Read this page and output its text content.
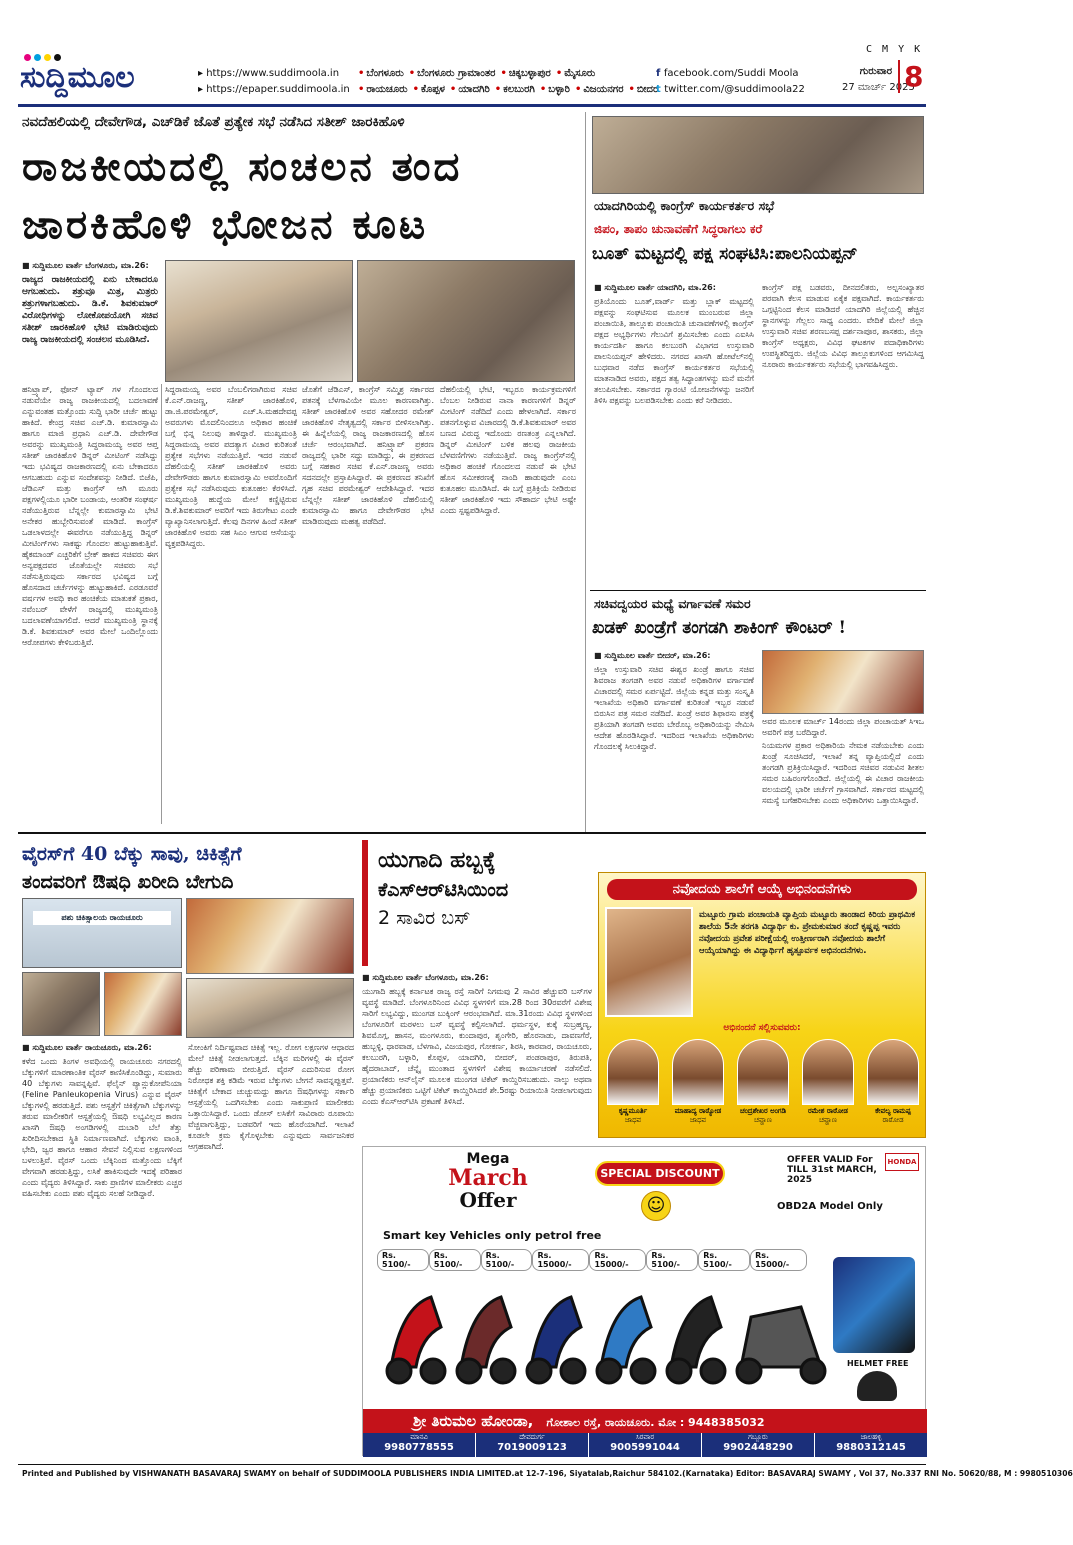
C M Y K
ಸುದ್ದಿಮೂಲ	▸ https://www.suddimoola.in
▸ https://epaper.suddimoola.in
• ಬೆಂಗಳೂರು • ಬೆಂಗಳೂರು ಗ್ರಾಮಾಂತರ • ಚಿಕ್ಕಬಳ್ಳಾಪುರ • ಮೈಸೂರು
• ರಾಯಚೂರು • ಕೊಪ್ಪಳ • ಯಾದಗಿರಿ • ಕಲಬುರಗಿ • ಬಳ್ಳಾರಿ • ವಿಜಯನಗರ • ಬೀದರ
f facebook.com/Suddi Moola
t twitter.com/@suddimoola22
ಗುರುವಾರ
27 ಮಾರ್ಚ್ 2025
8
ನವದೆಹಲಿಯಲ್ಲಿ ದೇವೇಗೌಡ, ಎಚ್‌ಡಿಕೆ ಜೊತೆ ಪ್ರತ್ಯೇಕ ಸಭೆ ನಡೆಸಿದ ಸತೀಶ್ ಜಾರಕಿಹೊಳಿ
ರಾಜಕೀಯದಲ್ಲಿ ಸಂಚಲನ ತಂದ
ಜಾರಕಿಹೊಳಿ ಭೋಜನ ಕೂಟ

■ ಸುದ್ದಿಮೂಲ ವಾರ್ತೆ ಬೆಂಗಳೂರು, ಮಾ.26:

ರಾಜ್ಯದ ರಾಜಕೀಯದಲ್ಲಿ ಏನು ಬೇಕಾದರೂ ಆಗಬಹುದು. ಶತ್ರುವೂ ಮಿತ್ರ, ಮಿತ್ರರು ಶತ್ರುಗಳಾಗಬಹುದು. ಡಿ.ಕೆ. ಶಿವಕುಮಾರ್ ವಿರೋಧಿಗಳನ್ನು ಲೋಕೋಪಯೋಗಿ ಸಚಿವ ಸತೀಶ್ ಜಾರಕಿಹೊಳಿ ಭೇಟಿ ಮಾಡಿರುವುದು ರಾಜ್ಯ ರಾಜಕೀಯದಲ್ಲಿ ಸಂಚಲನ ಮೂಡಿಸಿದೆ.

ಹನಿಟ್ರ್ಯಾಪ್, ಫೋನ್ ಟ್ಯಾಪ್ ಗಳ ಗೊಂದಲದ ನಡುವೆಯೇ ರಾಜ್ಯ ರಾಜಕೀಯದಲ್ಲಿ ಬದಲಾವಣೆ ಎನ್ನುವಂತಹ ಮತ್ತೊಂದು ಸುದ್ದಿ ಭಾರೀ ಚರ್ಚೆ ಹುಟ್ಟು ಹಾಕಿದೆ. ಕೇಂದ್ರ ಸಚಿವ ಎಚ್.ಡಿ. ಕುಮಾರಸ್ವಾಮಿ ಹಾಗೂ ಮಾಜಿ ಪ್ರಧಾನಿ ಎಚ್.ಡಿ. ದೇವೇಗೌಡ ಅವರನ್ನು ಮುಖ್ಯಮಂತ್ರಿ ಸಿದ್ದರಾಮಯ್ಯ ಅವರ ಆಪ್ತ ಸತೀಶ್ ಜಾರಕಿಹೊಳಿ ಡಿನ್ನರ್ ಮೀಟಿಂಗ್ ನಡೆಸಿದ್ದು ಇದು ಭವಿಷ್ಯದ ರಾಜಕಾರಣದಲ್ಲಿ ಏನು ಬೇಕಾದರೂ ಆಗಬಹುದು ಎನ್ನುವ ಸಂದೇಶವನ್ನು ನೀಡಿದೆ. ಬಿಜೆಪಿ, ಜೆಡಿಎಸ್ ಮತ್ತು ಕಾಂಗ್ರೆಸ್ ಆಗಿ ಮೂರು ಪಕ್ಷಗಳಲ್ಲಿಯೂ ಭಾರೀ ಬಂಡಾಯ, ಆಂತರಿಕ ಸಂಘರ್ಷ ನಡೆಯುತ್ತಿರುವ ಬೆನ್ನಲ್ಲೇ ಕುಮಾರಸ್ವಾಮಿ ಭೇಟಿ ಅನೇಕರ ಹುಬ್ಬೇರಿಸುವಂತೆ ಮಾಡಿದೆ. ಕಾಂಗ್ರೆಸ್ ಒಡಲಾಳದಲ್ಲೇ ಈವರೆಗೂ ನಡೆಯುತ್ತಿದ್ದ ಡಿನ್ನರ್ ಮೀಟಿಂಗ್‌ಗಳು ಸಾಕಷ್ಟು ಗೊಂದಲ ಹುಟ್ಟುಹಾಕುತ್ತಿವೆ. ಹೈಕಮಾಂಡ್ ಎಚ್ಚರಿಕೆಗೆ ಬ್ರೇಕ್ ಹಾಕದ ಸಚಿವರು ಈಗ ಅನ್ಯಪಕ್ಷದವರ ಜೊತೆಯಲ್ಲೇ ಸಚಿವರು ಸಭೆ ನಡೆಸುತ್ತಿರುವುದು ಸರ್ಕಾರದ ಭವಿಷ್ಯದ ಬಗ್ಗೆ ಹೊಸದಾದ ಚರ್ಚೆಗಳನ್ನು ಹುಟ್ಟುಹಾಕಿದೆ. ಎರಡೂವರೆ ವರ್ಷಗಳ ಅವಧಿ ಕಾರ ಹಂಚಿಕೆಯ ಮಾತುಕತೆ ಪ್ರಕಾರ, ನವೆಂಬರ್ ವೇಳೆಗೆ ರಾಜ್ಯದಲ್ಲಿ ಮುಖ್ಯಮಂತ್ರಿ ಬದಲಾವಣೆಯಾಗಲಿದೆ. ಆದರೆ ಮುಖ್ಯಮಂತ್ರಿ ಸ್ಥಾನಕ್ಕೆ ಡಿ.ಕೆ. ಶಿವಕುಮಾರ್ ಅವರ ಮೇಲೆ ಒಂದಿಲ್ಲೊಂದು ಆರೋಪಗಳು ಕೇಳಿಬರುತ್ತಿವೆ.
ಸಿದ್ದರಾಮಯ್ಯ ಅವರ ಬೆಂಬಲಿಗರಾಗಿರುವ ಸಚಿವ ಕೆ.ಎನ್.ರಾಜಣ್ಣ, ಸತೀಶ್ ಜಾರಕಿಹೊಳಿ, ಡಾ.ಜಿ.ಪರಮೇಶ್ವರ್, ಎಚ್.ಸಿ.ಮಹದೇವಪ್ಪ ಅವರುಗಳು ಮೊದಲಿನಿಂದಲೂ ಅಧಿಕಾರ ಹಂಚಿಕೆ ಬಗ್ಗೆ ಭಿನ್ನ ನಿಲುವು ತಾಳಿದ್ದಾರೆ. ಮುಖ್ಯಮಂತ್ರಿ ಸಿದ್ದರಾಮಯ್ಯ ಅವರ ಪದತ್ಯಾಗ ವಿಚಾರ ಕುರಿತಂತೆ ಪ್ರತ್ಯೇಕ ಸಭೆಗಳು ನಡೆಯುತ್ತಿವೆ. ಇದರ ನಡುವೆ ದೆಹಲಿಯಲ್ಲಿ ಸತೀಶ್ ಜಾರಕಿಹೊಳಿ ಅವರು ದೇವೇಗೌಡರು ಹಾಗೂ ಕುಮಾರಸ್ವಾಮಿ ಅವರೊಂದಿಗೆ ಪ್ರತ್ಯೇಕ ಸಭೆ ನಡೆಸಿರುವುದು ಕುತೂಹಲ ಕೆರಳಿಸಿದೆ. ಮುಖ್ಯಮಂತ್ರಿ ಹುದ್ದೆಯ ಮೇಲೆ ಕಣ್ಣಿಟ್ಟಿರುವ ಡಿ.ಕೆ.ಶಿವಕುಮಾರ್ ಅವರಿಗೆ ಇದು ತಿರುಗೇಟು ಎಂದೇ ವ್ಯಾಖ್ಯಾನಿಸಲಾಗುತ್ತಿದೆ. ಕೆಲವು ದಿನಗಳ ಹಿಂದೆ ಸತೀಶ್ ಜಾರಕಿಹೊಳಿ ಅವರು ಸಹ ಸಿಎಂ ಆಗುವ ಆಸೆಯನ್ನು ವ್ಯಕ್ತಪಡಿಸಿದ್ದರು.
ಜೊತೆಗೆ ಜೆಡಿಎಸ್, ಕಾಂಗ್ರೆಸ್ ಸಮ್ಮಿಶ್ರ ಸರ್ಕಾರದ ಪತನಕ್ಕೆ ಬೆಳಗಾವಿಯೇ ಮೂಲ ಕಾರಣವಾಗಿತ್ತು. ಸತೀಶ್ ಜಾರಕಿಹೊಳಿ ಅವರ ಸಹೋದರ ರಮೇಶ್ ಜಾರಕಿಹೊಳಿ ನೇತೃತ್ವದಲ್ಲಿ ಸರ್ಕಾರ ಬೀಳಿಸಲಾಗಿತ್ತು. ಈ ಹಿನ್ನೆಲೆಯಲ್ಲಿ ರಾಜ್ಯ ರಾಜಕಾರಣದಲ್ಲಿ ಹೊಸ ಚರ್ಚೆ ಆರಂಭವಾಗಿದೆ. ಹನಿಟ್ರ್ಯಾಪ್ ಪ್ರಕರಣ ರಾಜ್ಯದಲ್ಲಿ ಭಾರೀ ಸದ್ದು ಮಾಡಿದ್ದು, ಈ ಪ್ರಕರಣದ ಬಗ್ಗೆ ಸಹಕಾರ ಸಚಿವ ಕೆ.ಎನ್.ರಾಜಣ್ಣ ಅವರು ಸದನದಲ್ಲೇ ಪ್ರಸ್ತಾಪಿಸಿದ್ದಾರೆ. ಈ ಪ್ರಕರಣದ ತನಿಖೆಗೆ ಗೃಹ ಸಚಿವ ಪರಮೇಶ್ವರ್ ಆದೇಶಿಸಿದ್ದಾರೆ. ಇದರ ಬೆನ್ನಲ್ಲೇ ಸತೀಶ್ ಜಾರಕಿಹೊಳಿ ದೆಹಲಿಯಲ್ಲಿ ಕುಮಾರಸ್ವಾಮಿ ಹಾಗೂ ದೇವೇಗೌಡರ ಭೇಟಿ ಮಾಡಿರುವುದು ಮಹತ್ವ ಪಡೆದಿದೆ.
ದೆಹಲಿಯಲ್ಲಿ ಭೇಟಿ, ಇಬ್ಬರೂ ಕಾರ್ಯಕ್ರಮಗಳಿಗೆ ಬೆಂಬಲ ನೀಡಿರುವ ನಾನಾ ಕಾರಣಗಳಿಗೆ ಡಿನ್ನರ್ ಮೀಟಿಂಗ್ ನಡೆದಿದೆ ಎಂದು ಹೇಳಲಾಗಿದೆ. ಸರ್ಕಾರ ಪತನಗೊಳ್ಳುವ ವಿಚಾರದಲ್ಲಿ ಡಿ.ಕೆ.ಶಿವಕುಮಾರ್ ಅವರ ಬಣದ ವಿರುದ್ಧ ಇದೊಂದು ರಣತಂತ್ರ ಎನ್ನಲಾಗಿದೆ. ಡಿನ್ನರ್ ಮೀಟಿಂಗ್ ಬಳಿಕ ಹಲವು ರಾಜಕೀಯ ಬೆಳವಣಿಗೆಗಳು ನಡೆಯುತ್ತಿವೆ. ರಾಜ್ಯ ಕಾಂಗ್ರೆಸ್‌ನಲ್ಲಿ ಅಧಿಕಾರ ಹಂಚಿಕೆ ಗೊಂದಲದ ನಡುವೆ ಈ ಭೇಟಿ ಹೊಸ ಸಮೀಕರಣಕ್ಕೆ ನಾಂದಿ ಹಾಡುವುದೇ ಎಂಬ ಕುತೂಹಲ ಮೂಡಿಸಿದೆ. ಈ ಬಗ್ಗೆ ಪ್ರತಿಕ್ರಿಯೆ ನೀಡಿರುವ ಸತೀಶ್ ಜಾರಕಿಹೊಳಿ ಇದು ಸೌಹಾರ್ದ ಭೇಟಿ ಅಷ್ಟೇ ಎಂದು ಸ್ಪಷ್ಟಪಡಿಸಿದ್ದಾರೆ.
ಯಾದಗಿರಿಯಲ್ಲಿ ಕಾಂಗ್ರೆಸ್ ಕಾರ್ಯಕರ್ತರ ಸಭೆ
ಜಿಪಂ, ತಾಪಂ ಚುನಾವಣೆಗೆ ಸಿದ್ಧರಾಗಲು ಕರೆ
ಬೂತ್ ಮಟ್ಟದಲ್ಲಿ ಪಕ್ಷ ಸಂಘಟಿಸಿ:ಪಾಲನಿಯಪ್ಪನ್

■ ಸುದ್ದಿಮೂಲ ವಾರ್ತೆ ಯಾದಗಿರಿ, ಮಾ.26:

ಪ್ರತಿಯೊಂದು ಬೂತ್,ವಾರ್ಡ್ ಮತ್ತು ಬ್ಲಾಕ್ ಮಟ್ಟದಲ್ಲಿ ಪಕ್ಷವನ್ನು ಸಂಘಟಿಸುವ ಮೂಲಕ ಮುಂಬರುವ ಜಿಲ್ಲಾ ಪಂಚಾಯಿತಿ, ತಾಲ್ಲೂಕು ಪಂಚಾಯಿತಿ ಚುನಾವಣೆಗಳಲ್ಲಿ ಕಾಂಗ್ರೆಸ್ ಪಕ್ಷದ ಅಭ್ಯರ್ಥಿಗಳು ಗೆಲುವಿಗೆ ಶ್ರಮಿಸಬೇಕು ಎಂದು ಎಐಸಿಸಿ ಕಾರ್ಯದರ್ಶಿ ಹಾಗೂ ಕಲಬುರಗಿ ವಿಭಾಗದ ಉಸ್ತುವಾರಿ ಪಾಲನಿಯಪ್ಪನ್ ಹೇಳಿದರು. ನಗರದ ಖಾಸಗಿ ಹೋಟೆಲ್‌ನಲ್ಲಿ ಬುಧವಾರ ನಡೆದ ಕಾಂಗ್ರೆಸ್ ಕಾರ್ಯಕರ್ತರ ಸಭೆಯಲ್ಲಿ ಮಾತನಾಡಿದ ಅವರು, ಪಕ್ಷದ ತತ್ವ ಸಿದ್ಧಾಂತಗಳನ್ನು ಮನೆ ಮನೆಗೆ ತಲುಪಿಸಬೇಕು. ಸರ್ಕಾರದ ಗ್ಯಾರಂಟಿ ಯೋಜನೆಗಳನ್ನು ಜನರಿಗೆ ತಿಳಿಸಿ ಪಕ್ಷವನ್ನು ಬಲಪಡಿಸಬೇಕು ಎಂದು ಕರೆ ನೀಡಿದರು.

ಕಾಂಗ್ರೆಸ್ ಪಕ್ಷ ಬಡವರು, ದೀನದಲಿತರು, ಅಲ್ಪಸಂಖ್ಯಾತರ ಪರವಾಗಿ ಕೆಲಸ ಮಾಡುವ ಏಕೈಕ ಪಕ್ಷವಾಗಿದೆ. ಕಾರ್ಯಕರ್ತರು ಒಗ್ಗಟ್ಟಿನಿಂದ ಕೆಲಸ ಮಾಡಿದರೆ ಯಾದಗಿರಿ ಜಿಲ್ಲೆಯಲ್ಲಿ ಹೆಚ್ಚಿನ ಸ್ಥಾನಗಳನ್ನು ಗೆಲ್ಲಲು ಸಾಧ್ಯ ಎಂದರು. ವೇದಿಕೆ ಮೇಲೆ ಜಿಲ್ಲಾ ಉಸ್ತುವಾರಿ ಸಚಿವ ಶರಣಬಸಪ್ಪ ದರ್ಶನಾಪೂರ, ಶಾಸಕರು, ಜಿಲ್ಲಾ ಕಾಂಗ್ರೆಸ್ ಅಧ್ಯಕ್ಷರು, ವಿವಿಧ ಘಟಕಗಳ ಪದಾಧಿಕಾರಿಗಳು ಉಪಸ್ಥಿತರಿದ್ದರು. ಜಿಲ್ಲೆಯ ವಿವಿಧ ತಾಲ್ಲೂಕುಗಳಿಂದ ಆಗಮಿಸಿದ್ದ ನೂರಾರು ಕಾರ್ಯಕರ್ತರು ಸಭೆಯಲ್ಲಿ ಭಾಗವಹಿಸಿದ್ದರು.
ಸಚಿವದ್ವಯರ ಮಧ್ಯೆ ವರ್ಗಾವಣೆ ಸಮರ
ಖಡಕ್ ಖಂಡ್ರೆಗೆ ತಂಗಡಗಿ ಶಾಕಿಂಗ್ ಕೌಂಟರ್ !

■ ಸುದ್ದಿಮೂಲ ವಾರ್ತೆ ಬೀದರ್, ಮಾ.26:

ಜಿಲ್ಲಾ ಉಸ್ತುವಾರಿ ಸಚಿವ ಈಶ್ವರ ಖಂಡ್ರೆ ಹಾಗೂ ಸಚಿವ ಶಿವರಾಜ ತಂಗಡಗಿ ಅವರ ನಡುವೆ ಅಧಿಕಾರಿಗಳ ವರ್ಗಾವಣೆ ವಿಚಾರದಲ್ಲಿ ಸಮರ ಏರ್ಪಟ್ಟಿದೆ. ಜಿಲ್ಲೆಯ ಕನ್ನಡ ಮತ್ತು ಸಂಸ್ಕೃತಿ ಇಲಾಖೆಯ ಅಧಿಕಾರಿ ವರ್ಗಾವಣೆ ಕುರಿತಂತೆ ಇಬ್ಬರ ನಡುವೆ ಬಿರುಸಿನ ಪತ್ರ ಸಮರ ನಡೆದಿದೆ. ಖಂಡ್ರೆ ಅವರ ಶಿಫಾರಸು ಪತ್ರಕ್ಕೆ ಪ್ರತಿಯಾಗಿ ತಂಗಡಗಿ ಅವರು ಬೇರೊಬ್ಬ ಅಧಿಕಾರಿಯನ್ನು ನೇಮಿಸಿ ಆದೇಶ ಹೊರಡಿಸಿದ್ದಾರೆ. ಇದರಿಂದ ಇಲಾಖೆಯ ಅಧಿಕಾರಿಗಳು ಗೊಂದಲಕ್ಕೆ ಸಿಲುಕಿದ್ದಾರೆ.

ಅವರ ಮೂಲಕ ಮಾರ್ಚ್ 14ರಂದು ಜಿಲ್ಲಾ ಪಂಚಾಯತ್ ಸಿಇಒ ಅವರಿಗೆ ಪತ್ರ ಬರೆದಿದ್ದಾರೆ.
ನಿಯಮಗಳ ಪ್ರಕಾರ ಅಧಿಕಾರಿಯ ನೇಮಕ ನಡೆಯಬೇಕು ಎಂದು ಖಂಡ್ರೆ ಸೂಚಿಸಿದರೆ, ಇಲಾಖೆ ತನ್ನ ವ್ಯಾಪ್ತಿಯಲ್ಲಿದೆ ಎಂದು ತಂಗಡಗಿ ಪ್ರತಿಕ್ರಿಯಿಸಿದ್ದಾರೆ. ಇದರಿಂದ ಸಚಿವರ ನಡುವಿನ ಶೀತಲ ಸಮರ ಬಹಿರಂಗಗೊಂಡಿದೆ. ಜಿಲ್ಲೆಯಲ್ಲಿ ಈ ವಿಚಾರ ರಾಜಕೀಯ ವಲಯದಲ್ಲಿ ಭಾರೀ ಚರ್ಚೆಗೆ ಗ್ರಾಸವಾಗಿದೆ. ಸರ್ಕಾರದ ಮಟ್ಟದಲ್ಲಿ ಸಮಸ್ಯೆ ಬಗೆಹರಿಸಬೇಕು ಎಂದು ಅಧಿಕಾರಿಗಳು ಒತ್ತಾಯಿಸಿದ್ದಾರೆ.
ವೈರಸ್‌ಗೆ 40 ಬೆಕ್ಕು ಸಾವು, ಚಿಕಿತ್ಸೆಗೆ
ತಂದವರಿಗೆ ಔಷಧಿ ಖರೀದಿ ಬೇಗುದಿ
ಪಶು ಚಿಕಿತ್ಸಾಲಯ ರಾಯಚೂರು

■ ಸುದ್ದಿಮೂಲ ವಾರ್ತೆ ರಾಯಚೂರು, ಮಾ.26:

ಕಳೆದ ಒಂದು ತಿಂಗಳ ಅವಧಿಯಲ್ಲಿ ರಾಯಚೂರು ನಗರದಲ್ಲಿ ಬೆಕ್ಕುಗಳಿಗೆ ಮಾರಣಾಂತಿಕ ವೈರಸ್ ಕಾಣಿಸಿಕೊಂಡಿದ್ದು, ಸುಮಾರು 40 ಬೆಕ್ಕುಗಳು ಸಾವನ್ನಪ್ಪಿವೆ. ಫೆಲೈನ್ ಪ್ಯಾನ್ಲುಕೋಪೆನಿಯಾ (Feline Panleukopenia Virus) ಎನ್ನುವ ವೈರಸ್ ಬೆಕ್ಕುಗಳಲ್ಲಿ ಹರಡುತ್ತಿದೆ. ಪಶು ಆಸ್ಪತ್ರೆಗೆ ಚಿಕಿತ್ಸೆಗಾಗಿ ಬೆಕ್ಕುಗಳನ್ನು ತರುವ ಮಾಲೀಕರಿಗೆ ಆಸ್ಪತ್ರೆಯಲ್ಲಿ ಔಷಧಿ ಲಭ್ಯವಿಲ್ಲದ ಕಾರಣ ಖಾಸಗಿ ಔಷಧಿ ಅಂಗಡಿಗಳಲ್ಲಿ ದುಬಾರಿ ಬೆಲೆ ತೆತ್ತು ಖರೀದಿಸಬೇಕಾದ ಸ್ಥಿತಿ ನಿರ್ಮಾಣವಾಗಿದೆ. ಬೆಕ್ಕುಗಳು ವಾಂತಿ, ಭೇದಿ, ಜ್ವರ ಹಾಗೂ ಆಹಾರ ಸೇವನೆ ನಿಲ್ಲಿಸುವ ಲಕ್ಷಣಗಳಿಂದ ಬಳಲುತ್ತಿವೆ. ವೈರಸ್ ಒಂದು ಬೆಕ್ಕಿನಿಂದ ಮತ್ತೊಂದು ಬೆಕ್ಕಿಗೆ ವೇಗವಾಗಿ ಹರಡುತ್ತಿದ್ದು, ಲಸಿಕೆ ಹಾಕಿಸುವುದೇ ಇದಕ್ಕೆ ಪರಿಹಾರ ಎಂದು ವೈದ್ಯರು ತಿಳಿಸಿದ್ದಾರೆ. ಸಾಕು ಪ್ರಾಣಿಗಳ ಮಾಲೀಕರು ಎಚ್ಚರ ವಹಿಸಬೇಕು ಎಂದು ಪಶು ವೈದ್ಯರು ಸಲಹೆ ನೀಡಿದ್ದಾರೆ.

ಸೋಂಕಿಗೆ ನಿರ್ದಿಷ್ಟವಾದ ಚಿಕಿತ್ಸೆ ಇಲ್ಲ. ರೋಗ ಲಕ್ಷಣಗಳ ಆಧಾರದ ಮೇಲೆ ಚಿಕಿತ್ಸೆ ನೀಡಲಾಗುತ್ತದೆ. ಬೆಕ್ಕಿನ ಮರಿಗಳಲ್ಲಿ ಈ ವೈರಸ್ ಹೆಚ್ಚು ಪರಿಣಾಮ ಬೀರುತ್ತಿದೆ. ವೈರಸ್ ಎದುರಿಸುವ ರೋಗ ನಿರೋಧಕ ಶಕ್ತಿ ಕಡಿಮೆ ಇರುವ ಬೆಕ್ಕುಗಳು ಬೇಗನೆ ಸಾವನ್ನಪ್ಪುತ್ತವೆ. ಚಿಕಿತ್ಸೆಗೆ ಬೇಕಾದ ಚುಚ್ಚುಮದ್ದು ಹಾಗೂ ಔಷಧಿಗಳನ್ನು ಸರ್ಕಾರಿ ಆಸ್ಪತ್ರೆಯಲ್ಲಿ ಒದಗಿಸಬೇಕು ಎಂದು ಸಾಕುಪ್ರಾಣಿ ಮಾಲೀಕರು ಒತ್ತಾಯಿಸಿದ್ದಾರೆ. ಒಂದು ಡೋಸ್ ಲಸಿಕೆಗೆ ಸಾವಿರಾರು ರೂಪಾಯಿ ವೆಚ್ಚವಾಗುತ್ತಿದ್ದು, ಬಡವರಿಗೆ ಇದು ಹೊರೆಯಾಗಿದೆ. ಇಲಾಖೆ ಕೂಡಲೇ ಕ್ರಮ ಕೈಗೊಳ್ಳಬೇಕು ಎನ್ನುವುದು ಸಾರ್ವಜನಿಕರ ಆಗ್ರಹವಾಗಿದೆ.
ಯುಗಾದಿ ಹಬ್ಬಕ್ಕೆ
ಕೆಎಸ್‌ಆರ್‌ಟಿಸಿಯಿಂದ
2 ಸಾವಿರ ಬಸ್

■ ಸುದ್ದಿಮೂಲ ವಾರ್ತೆ ಬೆಂಗಳೂರು, ಮಾ.26:

ಯುಗಾದಿ ಹಬ್ಬಕ್ಕೆ ಕರ್ನಾಟಕ ರಾಜ್ಯ ರಸ್ತೆ ಸಾರಿಗೆ ನಿಗಮವು 2 ಸಾವಿರ ಹೆಚ್ಚುವರಿ ಬಸ್‌ಗಳ ವ್ಯವಸ್ಥೆ ಮಾಡಿದೆ. ಬೆಂಗಳೂರಿನಿಂದ ವಿವಿಧ ಸ್ಥಳಗಳಿಗೆ ಮಾ.28 ರಿಂದ 30ರವರೆಗೆ ವಿಶೇಷ ಸಾರಿಗೆ ಲಭ್ಯವಿದ್ದು, ಮುಂಗಡ ಬುಕ್ಕಿಂಗ್ ಆರಂಭವಾಗಿದೆ. ಮಾ.31ರಂದು ವಿವಿಧ ಸ್ಥಳಗಳಿಂದ ಬೆಂಗಳೂರಿಗೆ ಮರಳಲು ಬಸ್ ವ್ಯವಸ್ಥೆ ಕಲ್ಪಿಸಲಾಗಿದೆ. ಧರ್ಮಸ್ಥಳ, ಕುಕ್ಕೆ ಸುಬ್ರಹ್ಮಣ್ಯ, ಶಿವಮೊಗ್ಗ, ಹಾಸನ, ಮಂಗಳೂರು, ಕುಂದಾಪುರ, ಶೃಂಗೇರಿ, ಹೊರನಾಡು, ದಾವಣಗೆರೆ, ಹುಬ್ಬಳ್ಳಿ, ಧಾರವಾಡ, ಬೆಳಗಾವಿ, ವಿಜಯಪುರ, ಗೋಕರ್ಣ, ಶಿರಸಿ, ಕಾರವಾರ, ರಾಯಚೂರು, ಕಲಬುರಗಿ, ಬಳ್ಳಾರಿ, ಕೊಪ್ಪಳ, ಯಾದಗಿರಿ, ಬೀದರ್, ಪಂಡರಾಪುರ, ತಿರುಪತಿ, ಹೈದರಾಬಾದ್, ಚೆನ್ನೈ ಮುಂತಾದ ಸ್ಥಳಗಳಿಗೆ ವಿಶೇಷ ಕಾರ್ಯಾಚರಣೆ ನಡೆಸಲಿದೆ. ಪ್ರಯಾಣಿಕರು ಆನ್‌ಲೈನ್ ಮೂಲಕ ಮುಂಗಡ ಟಿಕೆಟ್ ಕಾಯ್ದಿರಿಸಬಹುದು. ನಾಲ್ಕು ಅಥವಾ ಹೆಚ್ಚು ಪ್ರಯಾಣಿಕರು ಒಟ್ಟಿಗೆ ಟಿಕೆಟ್ ಕಾಯ್ದಿರಿಸಿದರೆ ಶೇ.5ರಷ್ಟು ರಿಯಾಯಿತಿ ನೀಡಲಾಗುವುದು ಎಂದು ಕೆಎಸ್‌ಆರ್‌ಟಿಸಿ ಪ್ರಕಟಣೆ ತಿಳಿಸಿದೆ.

ನವೋದಯ ಶಾಲೆಗೆ ಆಯ್ಕೆ ಅಭಿನಂದನೆಗಳು
ಮಟ್ಟೂರು ಗ್ರಾಮ ಪಂಚಾಯತಿ ವ್ಯಾಪ್ತಿಯ ಮಟ್ಟೂರು ತಾಂಡಾದ ಕಿರಿಯ ಪ್ರಾಥಮಿಕ ಶಾಲೆಯ 5ನೇ ತರಗತಿ ವಿದ್ಯಾರ್ಥಿ ಕು. ಪ್ರೇಮಕುಮಾರ ತಂದೆ ಕೃಷ್ಣಪ್ಪ ಇವರು ನವೋದಯ ಪ್ರವೇಶ ಪರೀಕ್ಷೆಯಲ್ಲಿ ಉತ್ತೀರ್ಣರಾಗಿ ನವೋದಯ ಶಾಲೆಗೆ ಆಯ್ಕೆಯಾಗಿದ್ದು ಈ ವಿದ್ಯಾರ್ಥಿಗೆ ಹೃತ್ಪೂರ್ವಕ ಅಭಿನಂದನೆಗಳು.
ಅಭಿನಂದನೆ ಸಲ್ಲಿಸುವವರು:
ಕೃಷ್ಣಮೂರ್ತಿ
ಜಾಧವ
ಮಾಹಾದ್ಯ ರಾಠ್ಯೋಡ
ಜಾಧವ
ಚಂದ್ರಶೇಖರ ಅಂಗಡಿ
ಚವ್ಹಾಣ
ರಮೇಶ ರಾಠೋಡ
ಚವ್ಹಾಣ
ಕೇವಲ್ಯ ರಾಮಪ್ಪ
ರಾಠೋಡ
Mega
March
Offer
SPECIAL DISCOUNT
☺
OFFER VALID For TILL 31st MARCH, 2025
HONDA
OBD2A Model Only
Smart key Vehicles only petrol free
Rs. 5100/-
Rs. 5100/-
Rs. 5100/-
Rs. 15000/-
Rs. 15000/-
Rs. 5100/-
Rs. 5100/-
Rs. 15000/-
HELMET FREE
ಶ್ರೀ ತಿರುಮಲ ಹೋಂಡಾ, ಗೋಶಾಲ ರಸ್ತೆ, ರಾಯಚೂರು. ಮೋ : 9448385032
ಮಾನವಿ
9980778555
ದೇವದುರ್ಗ
7019009123
ಸಿರವಾರ
9005991044
ಗಬ್ಬೂರು
9902448290
ಜಾಲಹಳ್ಳಿ
9880312145
Printed and Published by VISHWANATH BASAVARAJ SWAMY on behalf of SUDDIMOOLA PUBLISHERS INDIA LIMITED.at 12-7-196, Siyatalab,Raichur 584102.(Karnataka) Editor: BASAVARAJ SWAMY , Vol 37, No.337 RNI No. 50620/88, M : 9980510306
